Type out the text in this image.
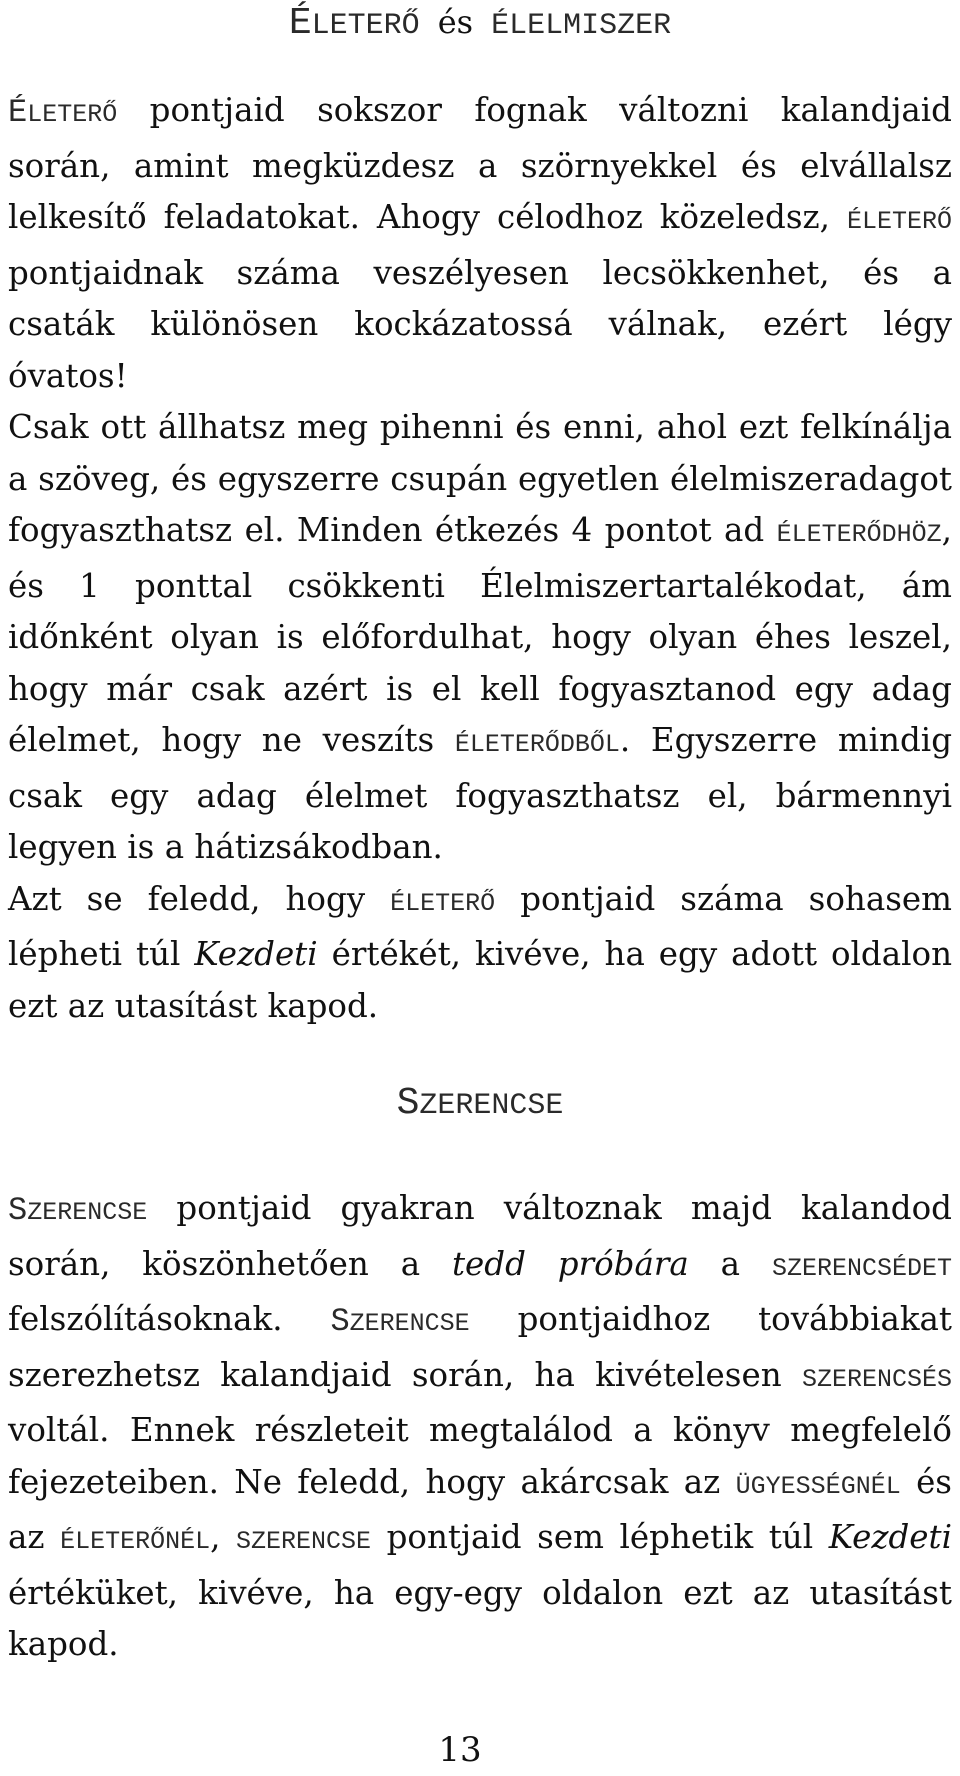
ÉLETERŐ és ÉLELMISZER

ÉLETERŐ pontjaid sokszor fognak változni kalandjaid során, amint megküzdesz a szörnyekkel és elvállalsz lelkesítő feladatokat. Ahogy célodhoz közeledsz, ÉLETERŐ pontjaidnak száma veszélyesen lecsökkenhet, és a csaták különösen kockázatossá válnak, ezért légy óvatos!

Csak ott állhatsz meg pihenni és enni, ahol ezt felkínálja a szöveg, és egyszerre csupán egyetlen élelmiszeradagot fogyaszthatsz el. Minden étkezés 4 pontot ad ÉLETERŐDHÖZ, és 1 ponttal csökkenti Élelmiszertartalékodat, ám időnként olyan is előfordulhat, hogy olyan éhes leszel, hogy már csak azért is el kell fogyasztanod egy adag élelmet, hogy ne veszíts ÉLETERŐDBŐL. Egyszerre mindig csak egy adag élelmet fogyaszthatsz el, bármennyi legyen is a hátizsákodban.

Azt se feledd, hogy ÉLETERŐ pontjaid száma sohasem lépheti túl Kezdeti értékét, kivéve, ha egy adott oldalon ezt az utasítást kapod.

SZERENCSE

SZERENCSE pontjaid gyakran változnak majd kalandod során, köszönhetően a tedd próbára a SZERENCSÉDET felszólításoknak. SZERENCSE pontjaidhoz továbbiakat szerezhetsz kalandjaid során, ha kivételesen SZERENCSÉS voltál. Ennek részleteit megtalálod a könyv megfelelő fejezeteiben. Ne feledd, hogy akárcsak az ÜGYESSÉGNÉL és az ÉLETERŐNÉL, SZERENCSE pontjaid sem léphetik túl Kezdeti értéküket, kivéve, ha egy-egy oldalon ezt az utasítást kapod.

13
